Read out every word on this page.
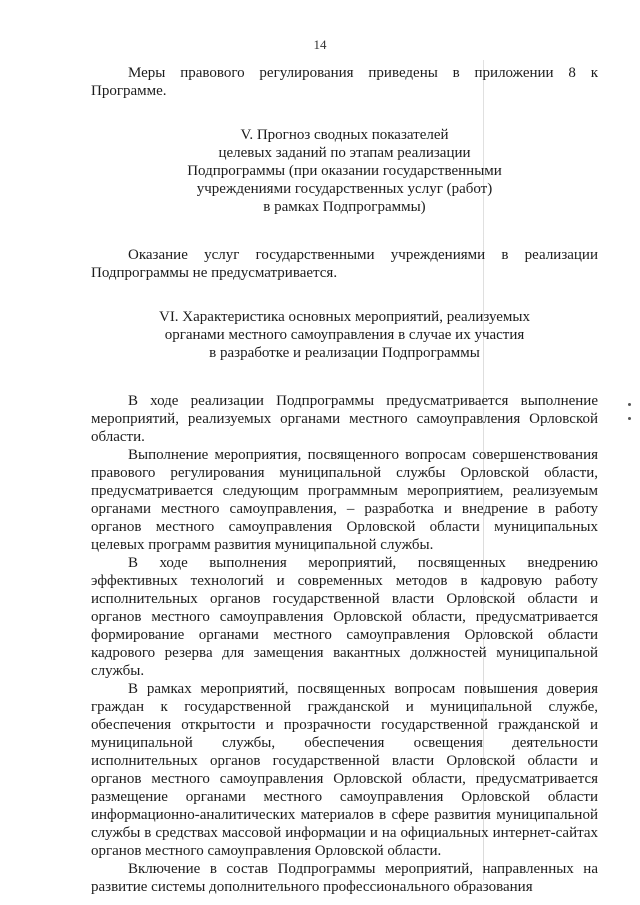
14

Меры правового регулирования приведены в приложении 8 к Программе.

V. Прогноз сводных показателей
целевых заданий по этапам реализации
Подпрограммы (при оказании государственными
учреждениями государственных услуг (работ)
в рамках Подпрограммы)

Оказание услуг государственными учреждениями в реализации Подпрограммы не предусматривается.

VI. Характеристика основных мероприятий, реализуемых
органами местного самоуправления в случае их участия
в разработке и реализации Подпрограммы

В ходе реализации Подпрограммы предусматривается выполнение мероприятий, реализуемых органами местного самоуправления Орловской области.

Выполнение мероприятия, посвященного вопросам совершенствования правового регулирования муниципальной службы Орловской области, предусматривается следующим программным мероприятием, реализуемым органами местного самоуправления, – разработка и внедрение в работу органов местного самоуправления Орловской области муниципальных целевых программ развития муниципальной службы.

В ходе выполнения мероприятий, посвященных внедрению эффективных технологий и современных методов в кадровую работу исполнительных органов государственной власти Орловской области и органов местного самоуправления Орловской области, предусматривается формирование органами местного самоуправления Орловской области кадрового резерва для замещения вакантных должностей муниципальной службы.

В рамках мероприятий, посвященных вопросам повышения доверия граждан к государственной гражданской и муниципальной службе, обеспечения открытости и прозрачности государственной гражданской и муниципальной службы, обеспечения освещения деятельности исполнительных органов государственной власти Орловской области и органов местного самоуправления Орловской области, предусматривается размещение органами местного самоуправления Орловской области информационно-аналитических материалов в сфере развития муниципальной службы в средствах массовой информации и на официальных интернет-сайтах органов местного самоуправления Орловской области.

Включение в состав Подпрограммы мероприятий, направленных на развитие системы дополнительного профессионального образования
